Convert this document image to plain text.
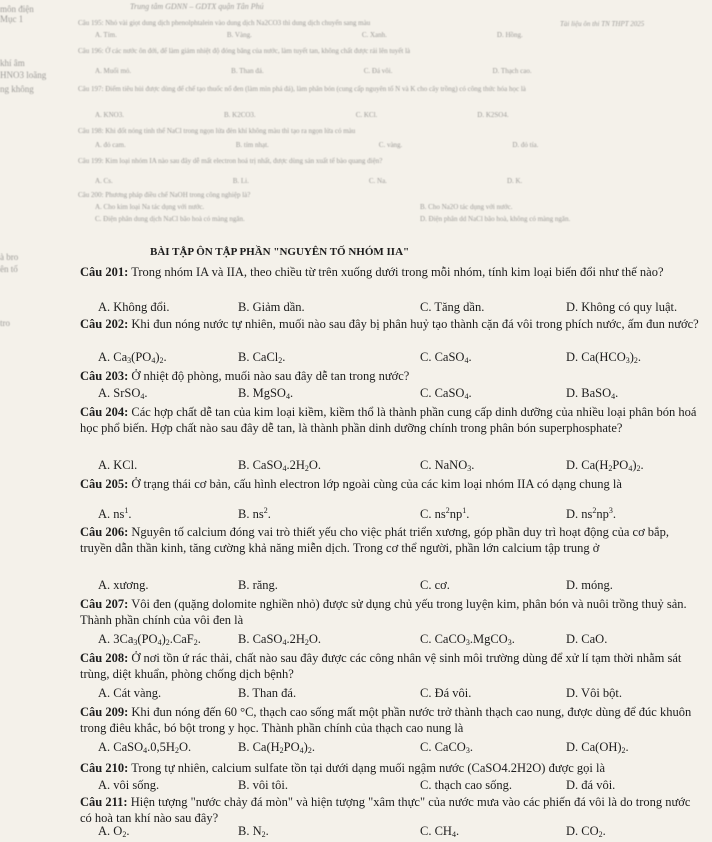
Trung tâm GDNN – GDTX quận Tân Phú
Tài liệu ôn thi TN THPT 2025
môn điện
Mục 1
khí âm
HNO3 loãng
ng không
à bro
ên tố
tro
Câu 195: Nhỏ vài giọt dung dịch phenolphtalein vào dung dịch Na2CO3 thì dung dịch chuyển sang màu
A. Tím.	B. Vàng.	C. Xanh.	D. Hồng.
Câu 196: Ở các nước ôn đới, để làm giảm nhiệt độ đóng băng của nước, làm tuyết tan, không chất được rải lên tuyết là
A. Muối mỏ.	B. Than đá.	C. Đá vôi.	D. Thạch cao.
Câu 197: Điểm tiêu hủi được dùng để chế tạo thuốc nổ đen (làm mìn phá đá), làm phân bón (cung cấp nguyên tố N và K cho cây trồng) có công thức hóa học là
A. KNO3.	B. K2CO3.	C. KCl.	D. K2SO4.
Câu 198: Khi đốt nóng tinh thể NaCl trong ngọn lửa đèn khí không màu thì tạo ra ngọn lửa có màu
A. đỏ cam.	B. tím nhạt.	C. vàng.	D. đỏ tía.
Câu 199: Kim loại nhóm IA nào sau đây dễ mất electron hoá trị nhất, được dùng sản xuất tế bào quang điện?
A. Cs.	B. Li.	C. Na.	D. K.
Câu 200: Phương pháp điều chế NaOH trong công nghiệp là?
A. Cho kim loại Na tác dụng với nước.	B. Cho Na2O tác dụng với nước.
C. Điện phân dung dịch NaCl bão hoà có màng ngăn.	D. Điện phân dd NaCl bão hoà, không có màng ngăn.
BÀI TẬP ÔN TẬP PHẦN "NGUYÊN TỐ NHÓM IIA"
Câu 201: Trong nhóm IA và IIA, theo chiều từ trên xuống dưới trong mỗi nhóm, tính kim loại biến đổi như thế nào?
A. Không đổi.	B. Giảm dần.	C. Tăng dần.	D. Không có quy luật.
Câu 202: Khi đun nóng nước tự nhiên, muối nào sau đây bị phân huỷ tạo thành cặn đá vôi trong phích nước, ấm đun nước?
A. $Ca_3(PO_4)_2$.	B. CaCl$_2$.	C. CaSO$_4$.	D. $Ca(HCO_3)_2$.
Câu 203: Ở nhiệt độ phòng, muối nào sau đây dễ tan trong nước?
A. SrSO$_4$.	B. MgSO$_4$.	C. CaSO$_4$.	D. BaSO$_4$.
Câu 204: Các hợp chất dễ tan của kim loại kiềm, kiềm thổ là thành phần cung cấp dinh dưỡng của nhiều loại phân bón hoá học phổ biến. Hợp chất nào sau đây dễ tan, là thành phần dinh dưỡng chính trong phân bón superphosphate?
A. KCl.	B. $CaSO_4.2H_2O$.	C. NaNO$_3$.	D. $Ca(H_2PO_4)_2$.
Câu 205: Ở trạng thái cơ bản, cấu hình electron lớp ngoài cùng của các kim loại nhóm IIA có dạng chung là
A. $ns^1$.	B. $ns^2$.	C. $ns^2np^1$.	D. $ns^2np^3$.
Câu 206: Nguyên tố calcium đóng vai trò thiết yếu cho việc phát triển xương, góp phần duy trì hoạt động của cơ bắp, truyền dẫn thần kinh, tăng cường khả năng miễn dịch. Trong cơ thể người, phần lớn calcium tập trung ở
A. xương.	B. răng.	C. cơ.	D. móng.
Câu 207: Vôi đen (quặng dolomite nghiền nhỏ) được sử dụng chủ yếu trong luyện kim, phân bón và nuôi trồng thuỷ sản. Thành phần chính của vôi đen là
A. $3Ca_3(PO_4)_2.CaF_2$.	B. $CaSO_4.2H_2O$.	C. CaCO$_3$.MgCO$_3$.	D. CaO.
Câu 208: Ở nơi tồn ứ rác thải, chất nào sau đây được các công nhân vệ sinh môi trường dùng để xử lí tạm thời nhằm sát trùng, diệt khuẩn, phòng chống dịch bệnh?
A. Cát vàng.	B. Than đá.	C. Đá vôi.	D. Vôi bột.
Câu 209: Khi đun nóng đến 60 °C, thạch cao sống mất một phần nước trở thành thạch cao nung, được dùng để đúc khuôn trong điêu khắc, bó bột trong y học. Thành phần chính của thạch cao nung là
A. $CaSO_4.0,5H_2O$.	B. $Ca(H_2PO_4)_2$.	C. CaCO$_3$.	D. $Ca(OH)_2$.
Câu 210: Trong tự nhiên, calcium sulfate tồn tại dưới dạng muối ngậm nước (CaSO4.2H2O) được gọi là
A. vôi sống.	B. vôi tôi.	C. thạch cao sống.	D. đá vôi.
Câu 211: Hiện tượng "nước chảy đá mòn" và hiện tượng "xâm thực" của nước mưa vào các phiến đá vôi là do trong nước có hoà tan khí nào sau đây?
A. $O_2$.	B. $N_2$.	C. $CH_4$.	D. $CO_2$.
